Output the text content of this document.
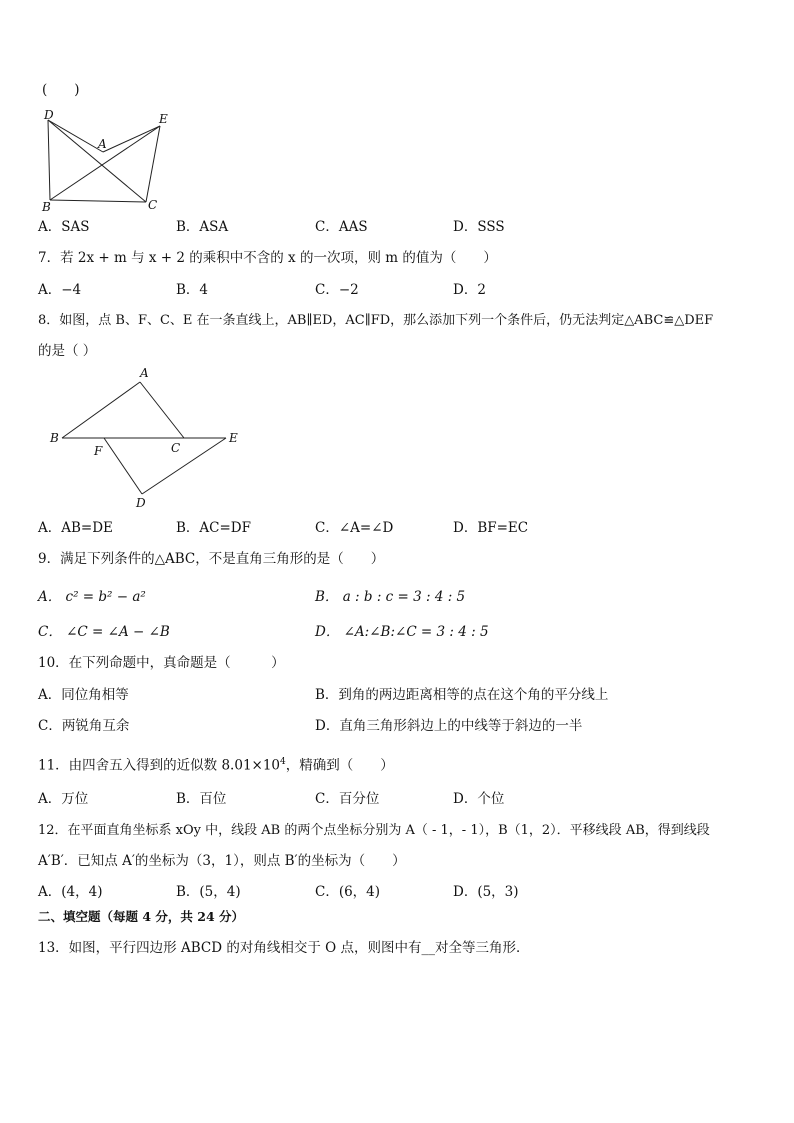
(　　)
D	E
A
B	C
A．SAS	B．ASA	C．AAS	D．SSS
7．若 2x + m 与 x + 2 的乘积中不含的 x 的一次项，则 m 的值为（　　）
A．−4	B．4	C．−2	D．2
8．如图，点 B、F、C、E 在一条直线上，AB∥ED，AC∥FD，那么添加下列一个条件后，仍无法判定△ABC≌△DEF
的是（ ）
A
B
F	C
E
D
A．AB=DE	B．AC=DF	C．∠A=∠D	D．BF=EC
9．满足下列条件的△ABC，不是直角三角形的是（　　）
A． c² = b² − a²	B． a : b : c = 3 : 4 : 5
C． ∠C = ∠A − ∠B	D． ∠A:∠B:∠C = 3 : 4 : 5
10．在下列命题中，真命题是（　　　）
A．同位角相等	B．到角的两边距离相等的点在这个角的平分线上
C．两锐角互余	D．直角三角形斜边上的中线等于斜边的一半
11．由四舍五入得到的近似数 $8.01\times 10^4$，精确到（　　）
A．万位	B．百位	C．百分位	D．个位
12．在平面直角坐标系 xOy 中，线段 AB 的两个点坐标分别为 A（ - 1，- 1），B（1，2）．平移线段 AB，得到线段
A′B′．已知点 A′的坐标为（3，1），则点 B′的坐标为（　　）
A．(4，4)	B．(5，4)	C．(6，4)	D．(5，3)
二、填空题（每题 4 分，共 24 分）
13．如图，平行四边形 ABCD 的对角线相交于 O 点，则图中有__对全等三角形．
